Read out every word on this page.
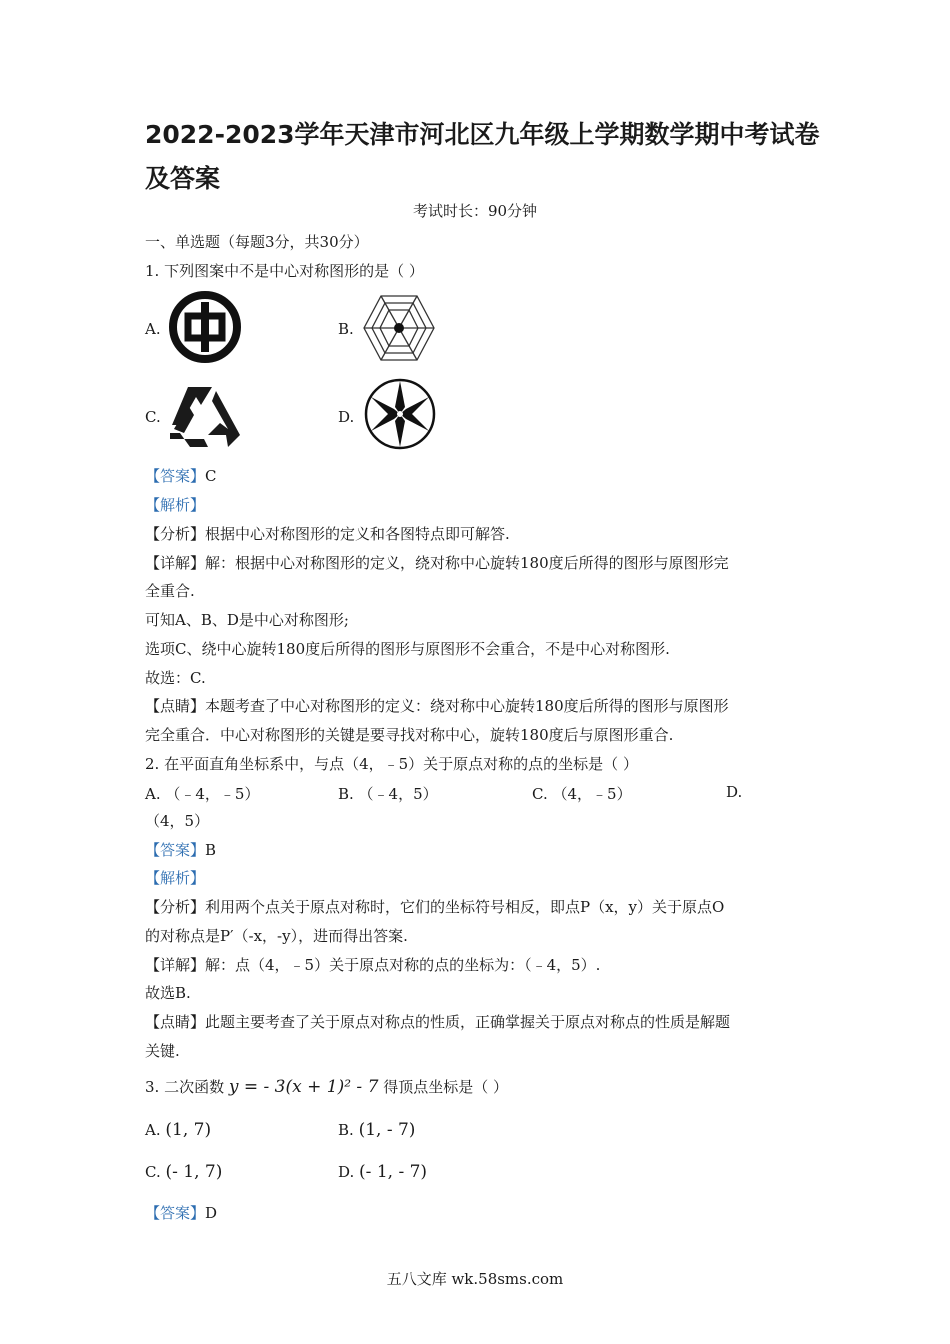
2022-2023学年天津市河北区九年级上学期数学期中考试卷及答案
考试时长：90分钟
一、单选题（每题3分，共30分）
1. 下列图案中不是中心对称图形的是（ ）
A.	B.
C.	D.
【答案】C
【解析】
【分析】根据中心对称图形的定义和各图特点即可解答.
【详解】解：根据中心对称图形的定义，绕对称中心旋转180度后所得的图形与原图形完
全重合.
可知A、B、D是中心对称图形;
选项C、绕中心旋转180度后所得的图形与原图形不会重合，不是中心对称图形.
故选：C.
【点睛】本题考查了中心对称图形的定义：绕对称中心旋转180度后所得的图形与原图形
完全重合．中心对称图形的关键是要寻找对称中心，旋转180度后与原图形重合.
2. 在平面直角坐标系中，与点（4，﹣5）关于原点对称的点的坐标是（ ）
A. （﹣4，﹣5）	B. （﹣4，5）	C. （4，﹣5）	D.
（4，5）
【答案】B
【解析】
【分析】利用两个点关于原点对称时，它们的坐标符号相反，即点P（x，y）关于原点O
的对称点是P′（-x，-y），进而得出答案.
【详解】解：点（4，﹣5）关于原点对称的点的坐标为：（﹣4，5）.
故选B.
【点睛】此题主要考查了关于原点对称点的性质，正确掌握关于原点对称点的性质是解题
关键.
3. 二次函数 y = - 3(x + 1)² - 7 得顶点坐标是（ ）
A. (1, 7)	B. (1, - 7)
C. (- 1, 7)	D. (- 1, - 7)
【答案】D
五八文库 wk.58sms.com
